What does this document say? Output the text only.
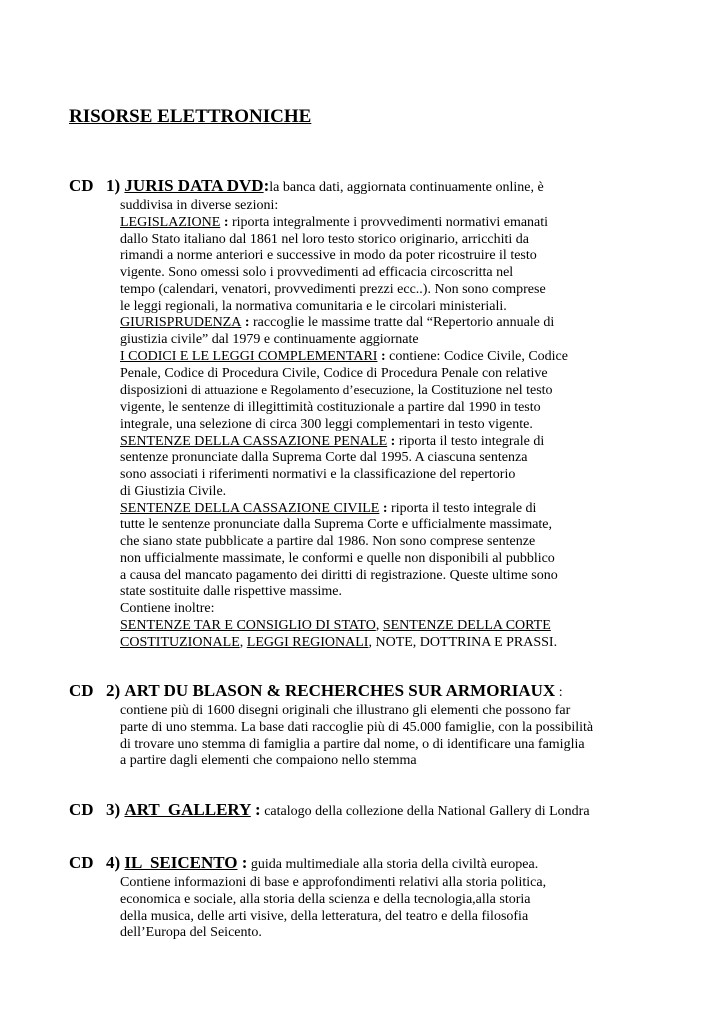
RISORSE ELETTRONICHE
CD 1) JURIS DATA DVD:la banca dati, aggiornata continuamente online, è
suddivisa in diverse sezioni:
LEGISLAZIONE : riporta integralmente i provvedimenti normativi emanati
dallo Stato italiano dal 1861 nel loro testo storico originario, arricchiti da
rimandi a norme anteriori e successive in modo da poter ricostruire il testo
vigente. Sono omessi solo i provvedimenti ad efficacia circoscritta nel
tempo (calendari, venatori, provvedimenti prezzi ecc..). Non sono comprese
le leggi regionali, la normativa comunitaria e le circolari ministeriali.
GIURISPRUDENZA : raccoglie le massime tratte dal “Repertorio annuale di
giustizia civile” dal 1979 e continuamente aggiornate
I CODICI E LE LEGGI COMPLEMENTARI : contiene: Codice Civile, Codice
Penale, Codice di Procedura Civile, Codice di Procedura Penale con relative
disposizioni di attuazione e Regolamento d’esecuzione, la Costituzione nel testo
vigente, le sentenze di illegittimità costituzionale a partire dal 1990 in testo
integrale, una selezione di circa 300 leggi complementari in testo vigente.
SENTENZE DELLA CASSAZIONE PENALE : riporta il testo integrale di
sentenze pronunciate dalla Suprema Corte dal 1995. A ciascuna sentenza
sono associati i riferimenti normativi e la classificazione del repertorio
di Giustizia Civile.
SENTENZE DELLA CASSAZIONE CIVILE : riporta il testo integrale di
tutte le sentenze pronunciate dalla Suprema Corte e ufficialmente massimate,
che siano state pubblicate a partire dal 1986. Non sono comprese sentenze
non ufficialmente massimate, le conformi e quelle non disponibili al pubblico
a causa del mancato pagamento dei diritti di registrazione. Queste ultime sono
state sostituite dalle rispettive massime.
Contiene inoltre:
SENTENZE TAR E CONSIGLIO DI STATO, SENTENZE DELLA CORTE
COSTITUZIONALE, LEGGI REGIONALI, NOTE, DOTTRINA E PRASSI.
CD 2) ART DU BLASON & RECHERCHES SUR ARMORIAUX :
contiene più di 1600 disegni originali che illustrano gli elementi che possono far
parte di uno stemma. La base dati raccoglie più di 45.000 famiglie, con la possibilità
di trovare uno stemma di famiglia a partire dal nome, o di identificare una famiglia
a partire dagli elementi che compaiono nello stemma
CD 3) ART  GALLERY : catalogo della collezione della National Gallery di Londra
CD 4) IL  SEICENTO : guida multimediale alla storia della civiltà europea.
Contiene informazioni di base e approfondimenti relativi alla storia politica,
economica e sociale, alla storia della scienza e della tecnologia,alla storia
della musica, delle arti visive, della letteratura, del teatro e della filosofia
dell’Europa del Seicento.
